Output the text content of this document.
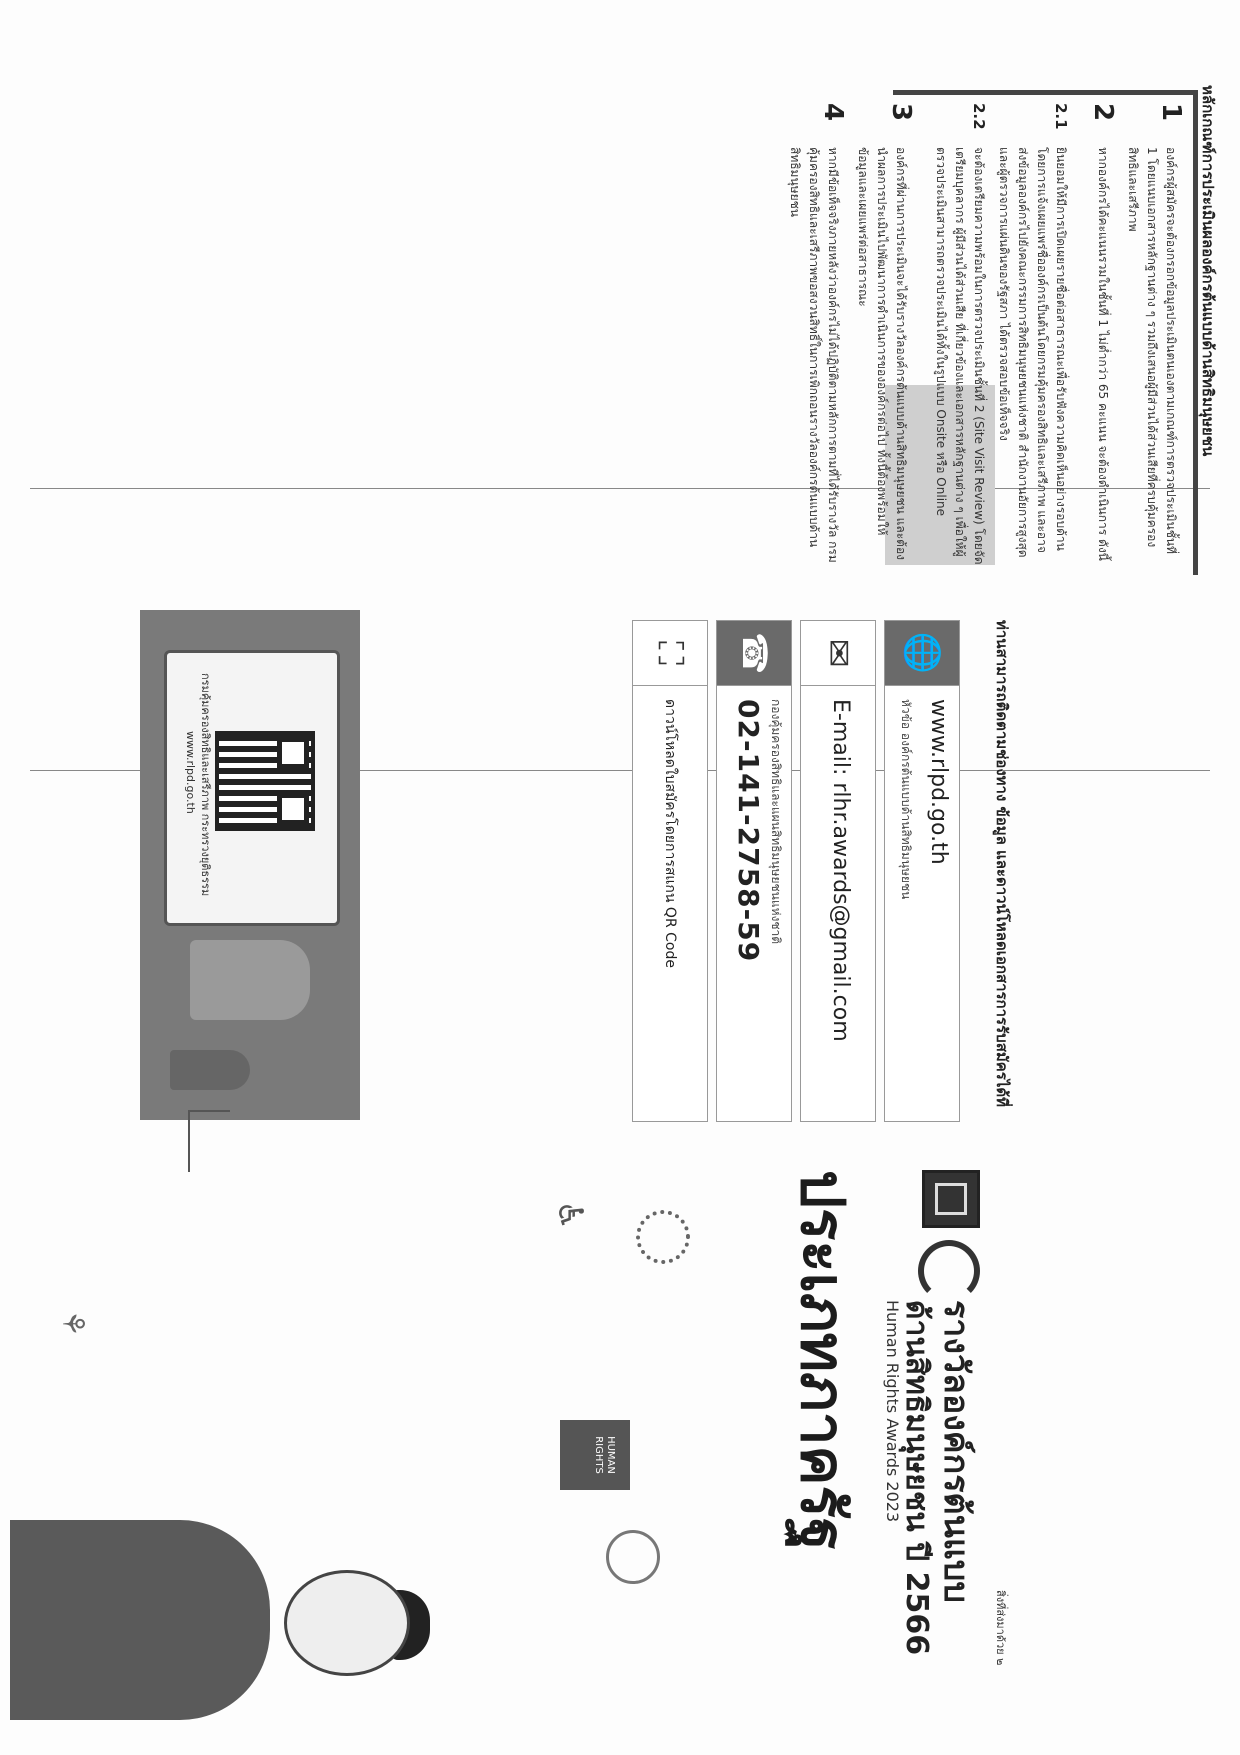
หลักเกณฑ์การประเมินผลองค์กรต้นแบบด้านสิทธิมนุษยชน
1
องค์กรผู้สมัครจะต้องกรอกข้อมูลประเมินตนเองตามเกณฑ์การตรวจประเมินชั้นที่ 1 โดยแนบเอกสารหลักฐานต่าง ๆ รวมถึงเสนอผู้มีส่วนได้ส่วนเสียที่ครบคุ้มครองสิทธิและเสรีภาพ
2
หากองค์กรได้คะแนนรวมในชั้นที่ 1 ไม่ต่ำกว่า 65 คะแนน จะต้องดำเนินการ ดังนี้
2.1
ยินยอมให้มีการเปิดเผยรายชื่อต่อสาธารณะเพื่อรับฟังความคิดเห็นอย่างรอบด้าน โดยการแจ้งเผยแพร่ชื่อองค์กรเป็นต้นโดยกรมคุ้มครองสิทธิและเสรีภาพ และอาจส่งข้อมูลองค์กรไปยังคณะกรรมการสิทธิมนุษยชนแห่งชาติ สำนักงานอัยการสูงสุด และผู้ตรวจการแผ่นดินของรัฐสภา ได้ตรวจสอบข้อเท็จจริง
2.2
จะต้องเตรียมความพร้อมในการตรวจประเมินชั้นที่ 2 (Site Visit Review) โดยจัดเตรียมบุคลากร ผู้มีส่วนได้ส่วนเสีย ที่เกี่ยวข้องและเอกสารหลักฐานต่าง ๆ เพื่อให้ผู้ตรวจประเมินสามารถตรวจประเมินได้ทั้งในรูปแบบ Onsite หรือ Online
3
องค์กรที่ผ่านการประเมินจะได้รับรางวัลองค์กรต้นแบบด้านสิทธิมนุษยชน และต้องนำผลการประเมินไปพัฒนาการดำเนินการขององค์กรต่อไป ทั้งนี้ต้องพร้อมให้ข้อมูลและเผยแพร่ต่อสาธารณะ
4
หากมีข้อเท็จจริงภายหลังว่าองค์กรไม่ได้ปฏิบัติตามหลักการตามที่ได้รับรางวัล กรมคุ้มครองสิทธิและเสรีภาพขอสงวนสิทธิ์ในการเพิกถอนรางวัลองค์กรต้นแบบด้านสิทธิมนุษยชน
ท่านสามารถติดตามช่องทาง ข้อมูล และดาวน์โหลดเอกสารการรับสมัครได้ที่
🌐
www.rlpd.go.th
หัวข้อ องค์กรต้นแบบด้านสิทธิมนุษยชน
✉
E-mail: rlhr.awards@gmail.com
☎
กองคุ้มครองสิทธิและแผนสิทธิมนุษยชนแห่งชาติ
02-141-2758-59
⛶
ดาวน์โหลดใบสมัครโดยการสแกน QR Code
กรมคุ้มครองสิทธิและเสรีภาพ กระทรวงยุติธรรม
www.rlpd.go.th
สิ่งที่ส่งมาด้วย ๒
รางวัลองค์กรต้นแบบ
ด้านสิทธิมนุษยชน ปี 2566
Human Rights Awards 2023
ประเภทภาครัฐ
♿
HUMAN RIGHTS
⚘
